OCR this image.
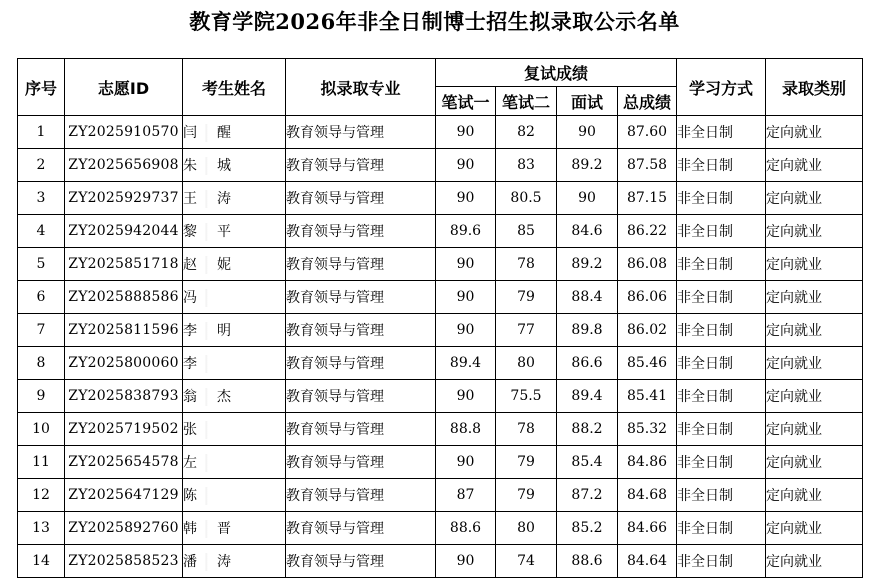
教育学院2026年非全日制博士招生拟录取公示名单
序号	志愿ID	考生姓名	拟录取专业	复试成绩				学习方式	录取类别
				笔试一	笔试二	面试	总成绩		
1	ZY2025910570	闫 醒	教育领导与管理	90	82	90	87.60	非全日制	定向就业
2	ZY2025656908	朱 城	教育领导与管理	90	83	89.2	87.58	非全日制	定向就业
3	ZY2025929737	王 涛	教育领导与管理	90	80.5	90	87.15	非全日制	定向就业
4	ZY2025942044	黎 平	教育领导与管理	89.6	85	84.6	86.22	非全日制	定向就业
5	ZY2025851718	赵 妮	教育领导与管理	90	78	89.2	86.08	非全日制	定向就业
6	ZY2025888586	冯	教育领导与管理	90	79	88.4	86.06	非全日制	定向就业
7	ZY2025811596	李 明	教育领导与管理	90	77	89.8	86.02	非全日制	定向就业
8	ZY2025800060	李	教育领导与管理	89.4	80	86.6	85.46	非全日制	定向就业
9	ZY2025838793	翁 杰	教育领导与管理	90	75.5	89.4	85.41	非全日制	定向就业
10	ZY2025719502	张	教育领导与管理	88.8	78	88.2	85.32	非全日制	定向就业
11	ZY2025654578	左	教育领导与管理	90	79	85.4	84.86	非全日制	定向就业
12	ZY2025647129	陈	教育领导与管理	87	79	87.2	84.68	非全日制	定向就业
13	ZY2025892760	韩 晋	教育领导与管理	88.6	80	85.2	84.66	非全日制	定向就业
14	ZY2025858523	潘 涛	教育领导与管理	90	74	88.6	84.64	非全日制	定向就业
